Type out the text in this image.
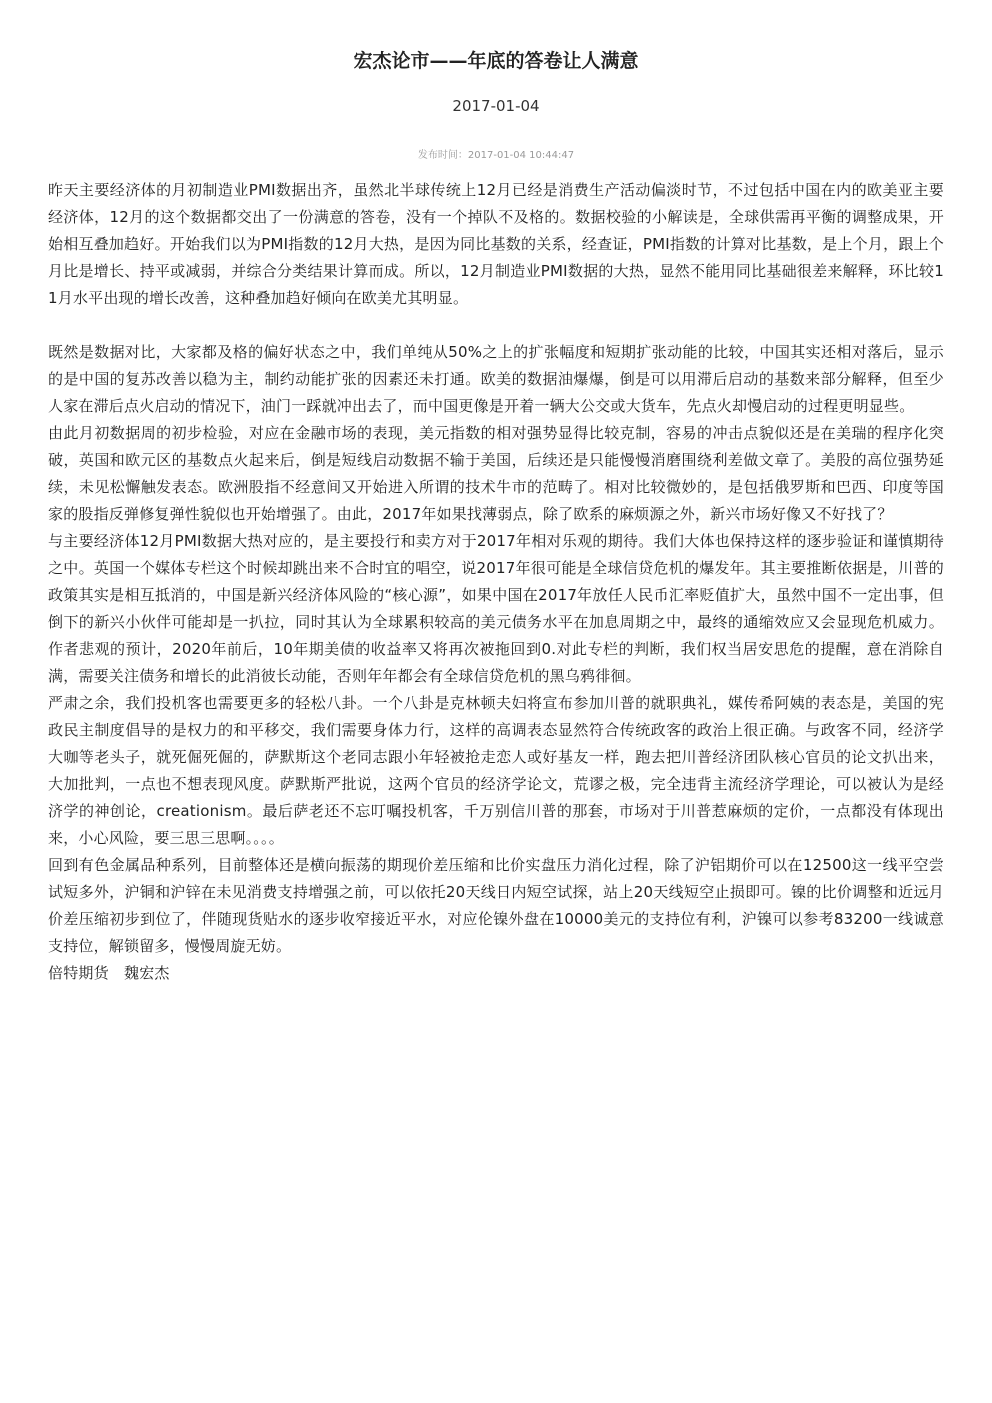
宏杰论市——年底的答卷让人满意
2017-01-04
发布时间：2017-01-04 10:44:47

昨天主要经济体的月初制造业PMI数据出齐，虽然北半球传统上12月已经是消费生产活动偏淡时节，不过包括中国在内的欧美亚主要经济体，12月的这个数据都交出了一份满意的答卷，没有一个掉队不及格的。数据校验的小解读是，全球供需再平衡的调整成果，开始相互叠加趋好。开始我们以为PMI指数的12月大热，是因为同比基数的关系，经查证，PMI指数的计算对比基数，是上个月，跟上个月比是增长、持平或减弱，并综合分类结果计算而成。所以，12月制造业PMI数据的大热，显然不能用同比基础很差来解释，环比较11月水平出现的增长改善，这种叠加趋好倾向在欧美尤其明显。

既然是数据对比，大家都及格的偏好状态之中，我们单纯从50%之上的扩张幅度和短期扩张动能的比较，中国其实还相对落后，显示的是中国的复苏改善以稳为主，制约动能扩张的因素还未打通。欧美的数据油爆爆，倒是可以用滞后启动的基数来部分解释，但至少人家在滞后点火启动的情况下，油门一踩就冲出去了，而中国更像是开着一辆大公交或大货车，先点火却慢启动的过程更明显些。

由此月初数据周的初步检验，对应在金融市场的表现，美元指数的相对强势显得比较克制，容易的冲击点貌似还是在美瑞的程序化突破，英国和欧元区的基数点火起来后，倒是短线启动数据不输于美国，后续还是只能慢慢消磨围绕利差做文章了。美股的高位强势延续，未见松懈触发表态。欧洲股指不经意间又开始进入所谓的技术牛市的范畴了。相对比较微妙的，是包括俄罗斯和巴西、印度等国家的股指反弹修复弹性貌似也开始增强了。由此，2017年如果找薄弱点，除了欧系的麻烦源之外，新兴市场好像又不好找了？

与主要经济体12月PMI数据大热对应的，是主要投行和卖方对于2017年相对乐观的期待。我们大体也保持这样的逐步验证和谨慎期待之中。英国一个媒体专栏这个时候却跳出来不合时宜的唱空，说2017年很可能是全球信贷危机的爆发年。其主要推断依据是，川普的政策其实是相互抵消的，中国是新兴经济体风险的“核心源”，如果中国在2017年放任人民币汇率贬值扩大，虽然中国不一定出事，但倒下的新兴小伙伴可能却是一扒拉，同时其认为全球累积较高的美元债务水平在加息周期之中，最终的通缩效应又会显现危机威力。作者悲观的预计，2020年前后，10年期美债的收益率又将再次被拖回到0.对此专栏的判断，我们权当居安思危的提醒，意在消除自满，需要关注债务和增长的此消彼长动能，否则年年都会有全球信贷危机的黑乌鸦徘徊。

严肃之余，我们投机客也需要更多的轻松八卦。一个八卦是克林顿夫妇将宣布参加川普的就职典礼，媒传希阿姨的表态是，美国的宪政民主制度倡导的是权力的和平移交，我们需要身体力行，这样的高调表态显然符合传统政客的政治上很正确。与政客不同，经济学大咖等老头子，就死倔死倔的，萨默斯这个老同志跟小年轻被抢走恋人或好基友一样，跑去把川普经济团队核心官员的论文扒出来，大加批判，一点也不想表现风度。萨默斯严批说，这两个官员的经济学论文，荒谬之极，完全违背主流经济学理论，可以被认为是经济学的神创论，creationism。最后萨老还不忘叮嘱投机客，千万别信川普的那套，市场对于川普惹麻烦的定价，一点都没有体现出来，小心风险，要三思三思啊。。。。

回到有色金属品种系列，目前整体还是横向振荡的期现价差压缩和比价实盘压力消化过程，除了沪铝期价可以在12500这一线平空尝试短多外，沪铜和沪锌在未见消费支持增强之前，可以依托20天线日内短空试探，站上20天线短空止损即可。镍的比价调整和近远月价差压缩初步到位了，伴随现货贴水的逐步收窄接近平水，对应伦镍外盘在10000美元的支持位有利，沪镍可以参考83200一线诚意支持位，解锁留多，慢慢周旋无妨。

倍特期货　魏宏杰
